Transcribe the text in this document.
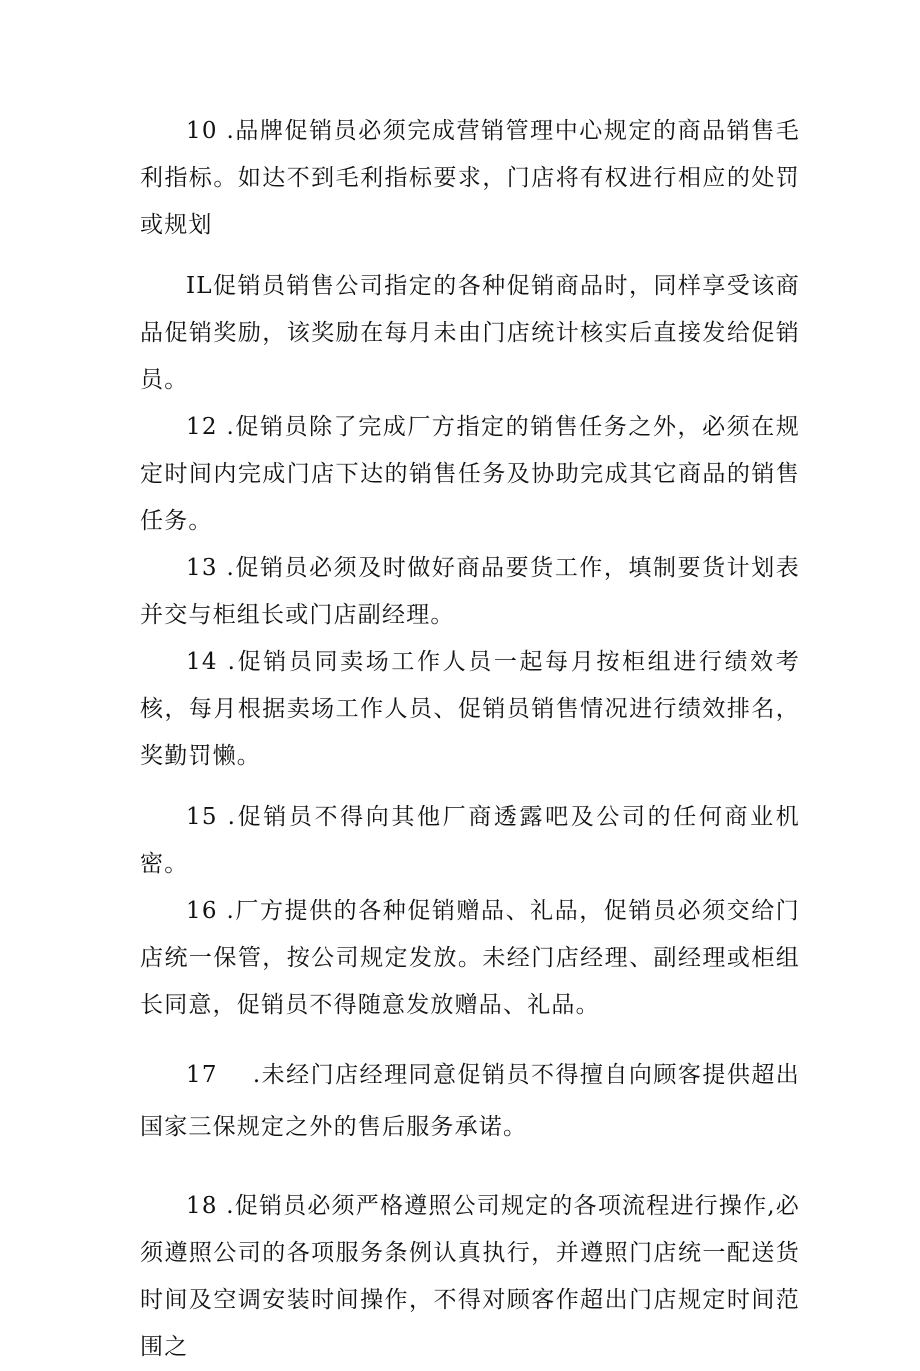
10 .品牌促销员必须完成营销管理中心规定的商品销售毛利指标。如达不到毛利指标要求，门店将有权进行相应的处罚或规划

IL促销员销售公司指定的各种促销商品时，同样享受该商品促销奖励，该奖励在每月未由门店统计核实后直接发给促销员。

12 .促销员除了完成厂方指定的销售任务之外，必须在规定时间内完成门店下达的销售任务及协助完成其它商品的销售任务。

13 .促销员必须及时做好商品要货工作，填制要货计划表并交与柜组长或门店副经理。

14 .促销员同卖场工作人员一起每月按柜组进行绩效考核，每月根据卖场工作人员、促销员销售情况进行绩效排名，奖勤罚懒。

15 .促销员不得向其他厂商透露吧及公司的任何商业机密。

16 .厂方提供的各种促销赠品、礼品，促销员必须交给门店统一保管，按公司规定发放。未经门店经理、副经理或柜组长同意，促销员不得随意发放赠品、礼品。

17 .未经门店经理同意促销员不得擅自向顾客提供超出国家三保规定之外的售后服务承诺。

18 .促销员必须严格遵照公司规定的各项流程进行操作,必须遵照公司的各项服务条例认真执行，并遵照门店统一配送货时间及空调安装时间操作，不得对顾客作超出门店规定时间范围之
